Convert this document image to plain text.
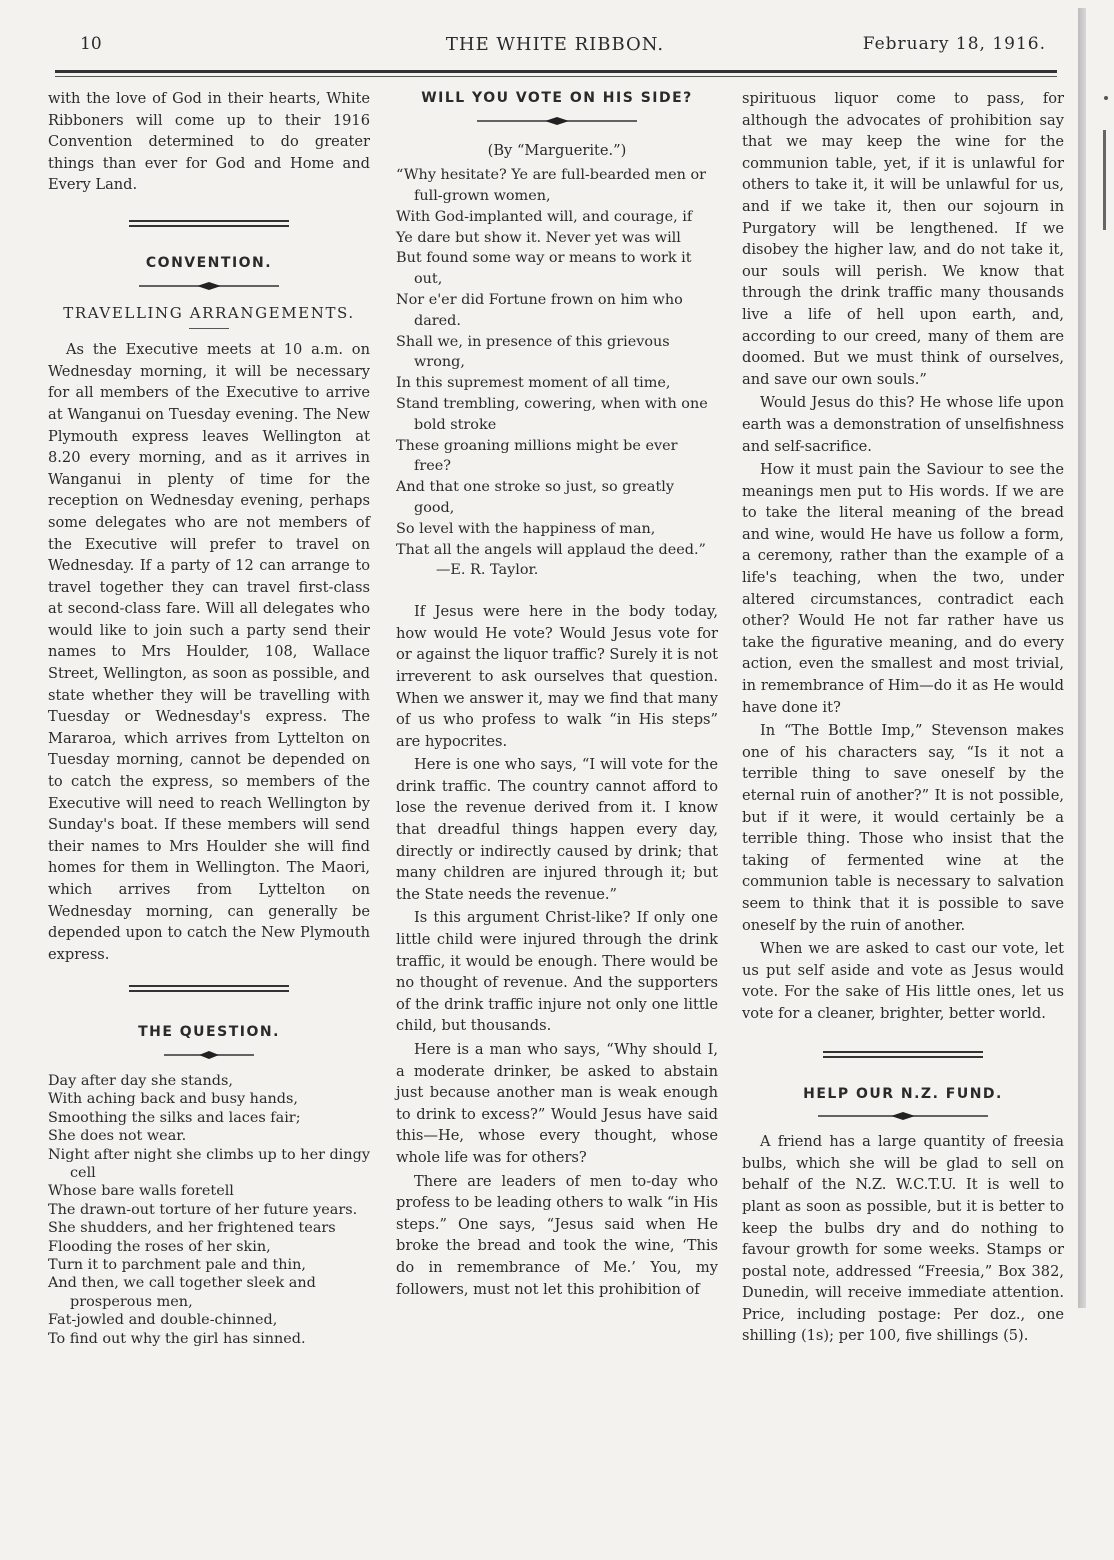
10	THE WHITE RIBBON.	February 18, 1916.

with the love of God in their hearts, White Ribboners will come up to their 1916 Convention determined to do greater things than ever for God and Home and Every Land.

CONVENTION.
TRAVELLING ARRANGEMENTS.

As the Executive meets at 10 a.m. on Wednesday morning, it will be necessary for all members of the Executive to arrive at Wanganui on Tuesday evening. The New Plymouth express leaves Wellington at 8.20 every morning, and as it arrives in Wanganui in plenty of time for the reception on Wednesday evening, perhaps some delegates who are not members of the Executive will prefer to travel on Wednesday. If a party of 12 can arrange to travel together they can travel first-class at second-class fare. Will all delegates who would like to join such a party send their names to Mrs Houlder, 108, Wallace Street, Wellington, as soon as possible, and state whether they will be travelling with Tuesday or Wednesday's express. The Mararoa, which arrives from Lyttelton on Tuesday morning, cannot be depended on to catch the express, so members of the Executive will need to reach Wellington by Sunday's boat. If these members will send their names to Mrs Houlder she will find homes for them in Wellington. The Maori, which arrives from Lyttelton on Wednesday morning, can generally be depended upon to catch the New Plymouth express.

THE QUESTION.
Day after day she stands,
With aching back and busy hands,
Smoothing the silks and laces fair;
She does not wear.
Night after night she climbs up to her dingy cell
Whose bare walls foretell
The drawn-out torture of her future years.
She shudders, and her frightened tears
Flooding the roses of her skin,
Turn it to parchment pale and thin,
And then, we call together sleek and prosperous men,
Fat-jowled and double-chinned,
To find out why the girl has sinned.
WILL YOU VOTE ON HIS SIDE?
(By “Marguerite.”)
“Why hesitate? Ye are full-bearded men or full-grown women,
With God-implanted will, and courage, if
Ye dare but show it. Never yet was will
But found some way or means to work it out,
Nor e'er did Fortune frown on him who dared.
Shall we, in presence of this grievous wrong,
In this supremest moment of all time,
Stand trembling, cowering, when with one bold stroke
These groaning millions might be ever free?
And that one stroke so just, so greatly good,
So level with the happiness of man,
That all the angels will applaud the deed.”—E. R. Taylor.

If Jesus were here in the body today, how would He vote? Would Jesus vote for or against the liquor traffic? Surely it is not irreverent to ask ourselves that question. When we answer it, may we find that many of us who profess to walk “in His steps” are hypocrites.

Here is one who says, “I will vote for the drink traffic. The country cannot afford to lose the revenue derived from it. I know that dreadful things happen every day, directly or indirectly caused by drink; that many children are injured through it; but the State needs the revenue.”

Is this argument Christ-like? If only one little child were injured through the drink traffic, it would be enough. There would be no thought of revenue. And the supporters of the drink traffic injure not only one little child, but thousands.

Here is a man who says, “Why should I, a moderate drinker, be asked to abstain just because another man is weak enough to drink to excess?” Would Jesus have said this—He, whose every thought, whose whole life was for others?

There are leaders of men to-day who profess to be leading others to walk “in His steps.” One says, “Jesus said when He broke the bread and took the wine, ‘This do in remembrance of Me.’ You, my followers, must not let this prohibition of

spirituous liquor come to pass, for although the advocates of prohibition say that we may keep the wine for the communion table, yet, if it is unlawful for others to take it, it will be unlawful for us, and if we take it, then our sojourn in Purgatory will be lengthened. If we disobey the higher law, and do not take it, our souls will perish. We know that through the drink traffic many thousands live a life of hell upon earth, and, according to our creed, many of them are doomed. But we must think of ourselves, and save our own souls.”

Would Jesus do this? He whose life upon earth was a demonstration of unselfishness and self-sacrifice.

How it must pain the Saviour to see the meanings men put to His words. If we are to take the literal meaning of the bread and wine, would He have us follow a form, a ceremony, rather than the example of a life's teaching, when the two, under altered circumstances, contradict each other? Would He not far rather have us take the figurative meaning, and do every action, even the smallest and most trivial, in remembrance of Him—do it as He would have done it?

In “The Bottle Imp,” Stevenson makes one of his characters say, “Is it not a terrible thing to save oneself by the eternal ruin of another?” It is not possible, but if it were, it would certainly be a terrible thing. Those who insist that the taking of fermented wine at the communion table is necessary to salvation seem to think that it is possible to save oneself by the ruin of another.

When we are asked to cast our vote, let us put self aside and vote as Jesus would vote. For the sake of His little ones, let us vote for a cleaner, brighter, better world.

HELP OUR N.Z. FUND.

A friend has a large quantity of freesia bulbs, which she will be glad to sell on behalf of the N.Z. W.C.T.U. It is well to plant as soon as possible, but it is better to keep the bulbs dry and do nothing to favour growth for some weeks. Stamps or postal note, addressed “Freesia,” Box 382, Dunedin, will receive immediate attention. Price, including postage: Per doz., one shilling (1s); per 100, five shillings (5).
